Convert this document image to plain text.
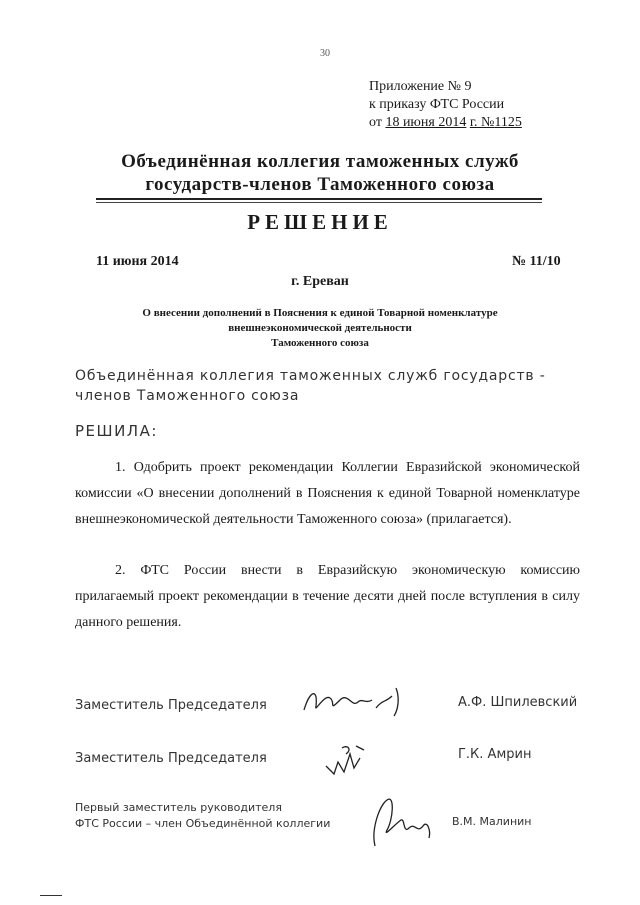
30
Приложение № 9
к приказу ФТС России
от 18 июня 2014 г. №1125
Объединённая коллегия таможенных служб
государств-членов Таможенного союза
РЕШЕНИЕ
11 июня 2014	№ 11/10
г. Ереван
О внесении дополнений в Пояснения к единой Товарной номенклатуре
внешнеэкономической деятельности
Таможенного союза
Объединённая коллегия таможенных служб государств - членов Таможенного союза
РЕШИЛА:
1. Одобрить проект рекомендации Коллегии Евразийской экономической комиссии «О внесении дополнений в Пояснения к единой Товарной номенклатуре внешнеэкономической деятельности Таможенного союза» (прилагается).
2. ФТС России внести в Евразийскую экономическую комиссию прилагаемый проект рекомендации в течение десяти дней после вступления в силу данного решения.
Заместитель Председателя	А.Ф. Шпилевский
Заместитель Председателя	Г.К. Амрин
Первый заместитель руководителя
ФТС России – член Объединённой коллегии	В.М. Малинин
